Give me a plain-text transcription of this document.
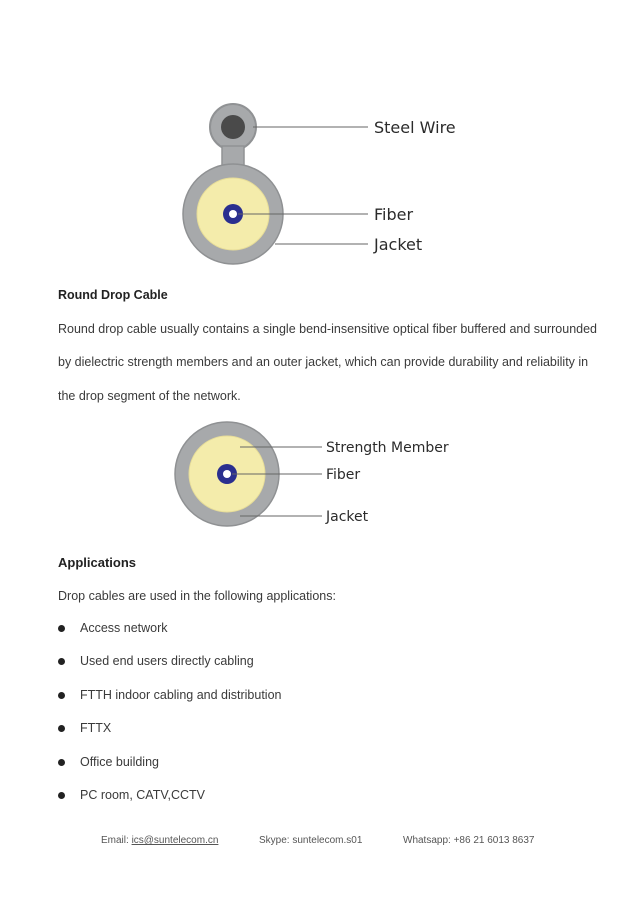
Steel Wire
Fiber
Jacket
Round Drop Cable

Round drop cable usually contains a single bend-insensitive optical fiber buffered and surrounded

by dielectric strength members and an outer jacket, which can provide durability and reliability in

the drop segment of the network.

Strength Member
Fiber
Jacket
Applications

Drop cables are used in the following applications:

Access network
Used end users directly cabling
FTTH indoor cabling and distribution
FTTX
Office building
PC room, CATV,CCTV
Email: ics@suntelecom.cn	Skype: suntelecom.s01	Whatsapp: +86 21 6013 8637
